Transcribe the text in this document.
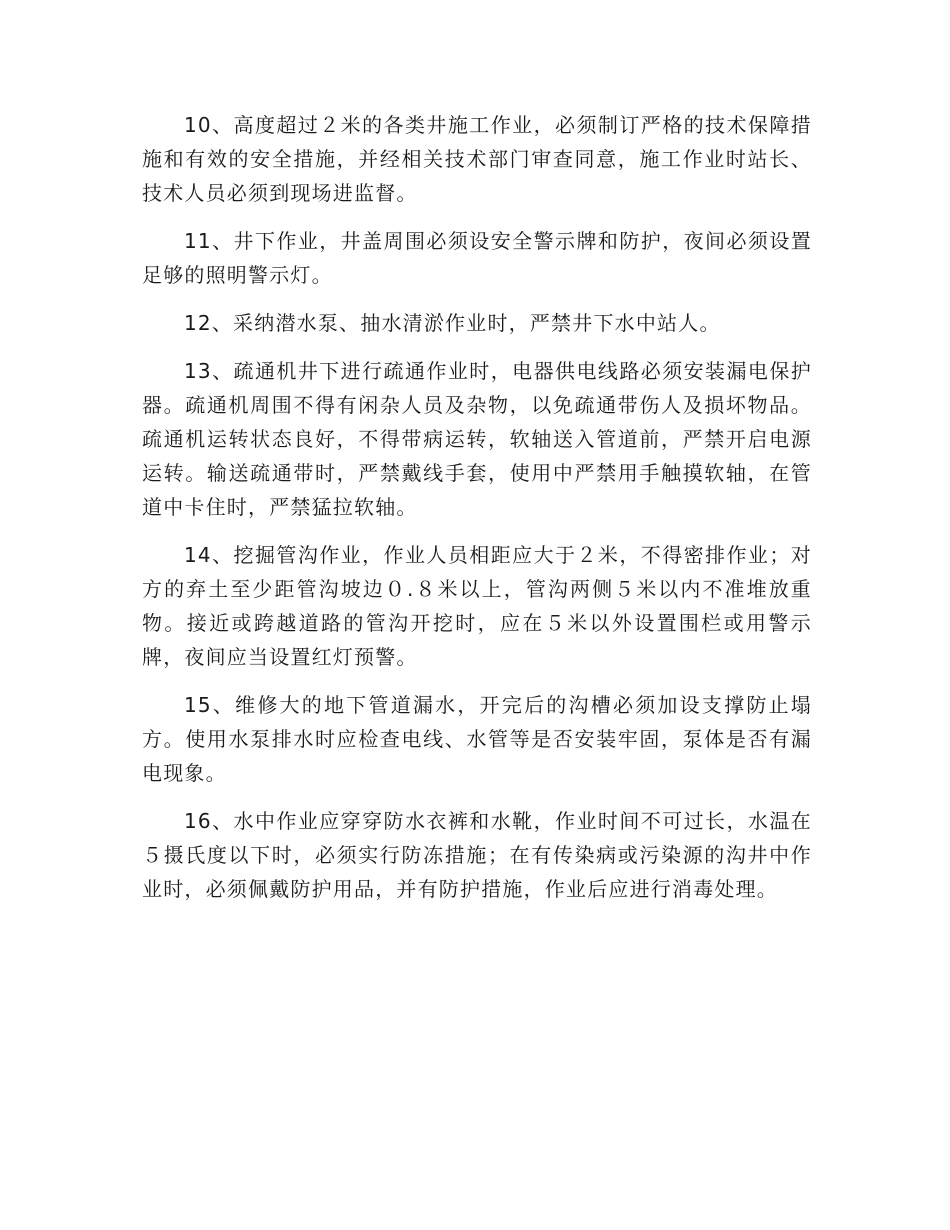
10、高度超过２米的各类井施工作业，必须制订严格的技术保障措施和有效的安全措施，并经相关技术部门审查同意，施工作业时站长、技术人员必须到现场进监督。

11、井下作业，井盖周围必须设安全警示牌和防护，夜间必须设置足够的照明警示灯。

12、采纳潜水泵、抽水清淤作业时，严禁井下水中站人。

13、疏通机井下进行疏通作业时，电器供电线路必须安装漏电保护器。疏通机周围不得有闲杂人员及杂物，以免疏通带伤人及损坏物品。疏通机运转状态良好，不得带病运转，软轴送入管道前，严禁开启电源运转。输送疏通带时，严禁戴线手套，使用中严禁用手触摸软轴，在管道中卡住时，严禁猛拉软轴。

14、挖掘管沟作业，作业人员相距应大于２米，不得密排作业；对方的弃土至少距管沟坡边０.８米以上，管沟两侧５米以内不准堆放重物。接近或跨越道路的管沟开挖时，应在５米以外设置围栏或用警示牌，夜间应当设置红灯预警。

15、维修大的地下管道漏水，开完后的沟槽必须加设支撑防止塌方。使用水泵排水时应检查电线、水管等是否安装牢固，泵体是否有漏电现象。

16、水中作业应穿穿防水衣裤和水靴，作业时间不可过长，水温在５摄氏度以下时，必须实行防冻措施；在有传染病或污染源的沟井中作业时，必须佩戴防护用品，并有防护措施，作业后应进行消毒处理。
